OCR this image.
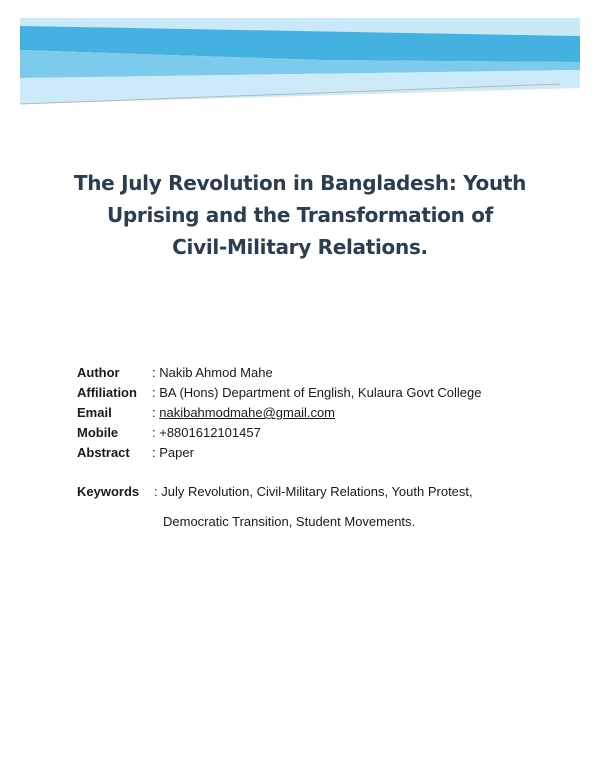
The July Revolution in Bangladesh: Youth
Uprising and the Transformation of
Civil-Military Relations.
Author	: Nakib Ahmod Mahe
Affiliation	: BA (Hons) Department of English, Kulaura Govt College
Email	: nakibahmodmahe@gmail.com
Mobile	: +8801612101457
Abstract	: Paper
Keywords	: July Revolution, Civil-Military Relations, Youth Protest,
Democratic Transition, Student Movements.
